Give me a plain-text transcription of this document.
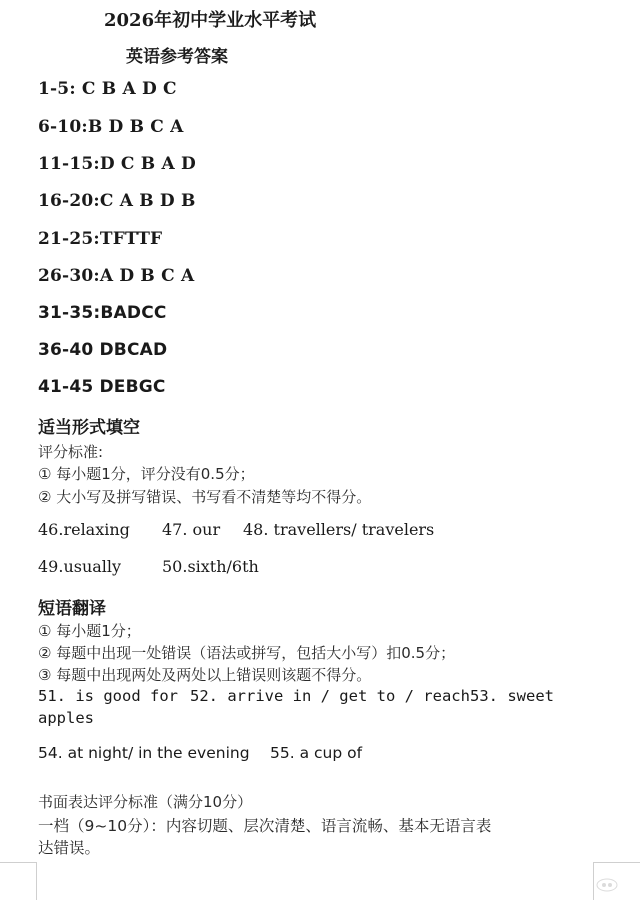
2026年初中学业水平考试
英语参考答案
1-5: C B A D C
6-10:B D B C A
11-15:D C B A D
16-20:C A B D B
21-25:TFTTF
26-30:A D B C A
31-35:BADCC
36-40 DBCAD
41-45 DEBGC
适当形式填空
评分标准:
① 每小题1分，评分没有0.5分；
② 大小写及拼写错误、书写看不清楚等均不得分。
46.relaxing 47. our 48. travellers/ travelers
49.usually	50.sixth/6th
短语翻译
① 每小题1分；
② 每题中出现一处错误（语法或拼写，包括大小写）扣0.5分；
③ 每题中出现两处及两处以上错误则该题不得分。
51. is good for 52. arrive in / get to / reach 53. sweet
apples
54. at night/ in the evening 55. a cup of
书面表达评分标准（满分10分）
一档（9~10分）：内容切题、层次清楚、语言流畅、基本无语言表
达错误。
